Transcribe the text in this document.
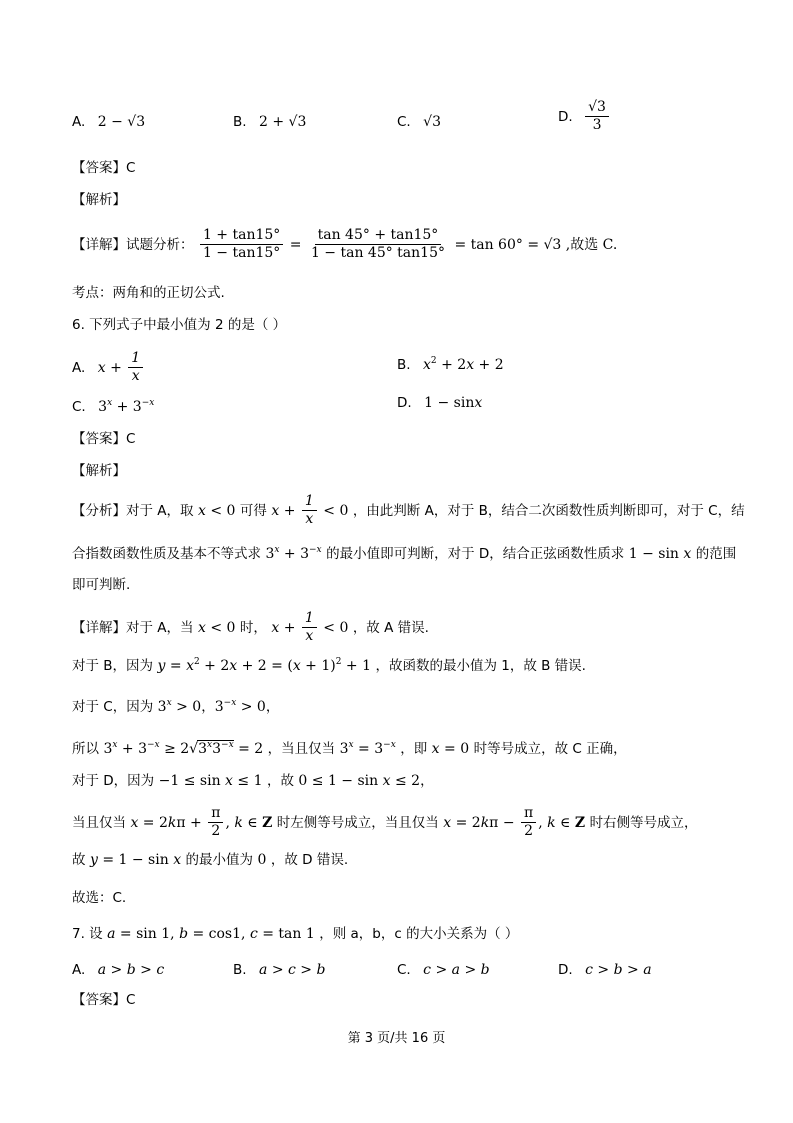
A. 2 − √3	B. 2 + √3	C. √3	D. $\frac{√3}{3}$
【答案】C
【解析】
【详解】试题分析： $\frac{1 + \tan 15^\circ}{1 - \tan 15^\circ} = \frac{\tan 45^\circ + \tan 15^\circ}{1 - \tan 45^\circ \tan 15^\circ} = \tan 60^\circ = √3$ ,故选 C.
考点：两角和的正切公式.
6. 下列式子中最小值为 2 的是（ ）
A. $x + \frac{1}{x}$	B. $x^2 + 2x + 2$
C. $3^x + 3^{-x}$	D. 1 − sinx
【答案】C
【解析】
【分析】对于 A，取 x < 0 可得 $x + \frac{1}{x} < 0$ ，由此判断 A，对于 B，结合二次函数性质判断即可，对于 C，结
合指数函数性质及基本不等式求 $3^x + 3^{-x}$ 的最小值即可判断，对于 D，结合正弦函数性质求 1 − sin x 的范围
即可判断.
【详解】对于 A，当 x < 0 时， $x + \frac{1}{x} < 0$ ，故 A 错误.
对于 B，因为 $y = x^2 + 2x + 2 = (x + 1)^2 + 1$ ，故函数的最小值为 1，故 B 错误.
对于 C，因为 $3^x > 0$，$3^{-x} > 0$，
所以 $3^x + 3^{-x} \ge 2√3^x3^{-x} = 2$ ，当且仅当 $3^x = 3^{-x}$ ，即 x = 0 时等号成立，故 C 正确，
对于 D，因为 −1 ≤ sin x ≤ 1 ，故 0 ≤ 1 − sin x ≤ 2，
当且仅当 $x = 2k\pi + \frac{\pi}{2}$ , k ∈ Z 时左侧等号成立，当且仅当 $x = 2k\pi - \frac{\pi}{2}$ , k ∈ Z 时右侧等号成立，
故 y = 1 − sin x 的最小值为 0 ，故 D 错误.
故选：C.
7. 设 a = sin 1, b = cos1, c = tan 1 ，则 a，b，c 的大小关系为（ ）
A. a > b > c	B. a > c > b	C. c > a > b	D. c > b > a
【答案】C
第 3 页/共 16 页
